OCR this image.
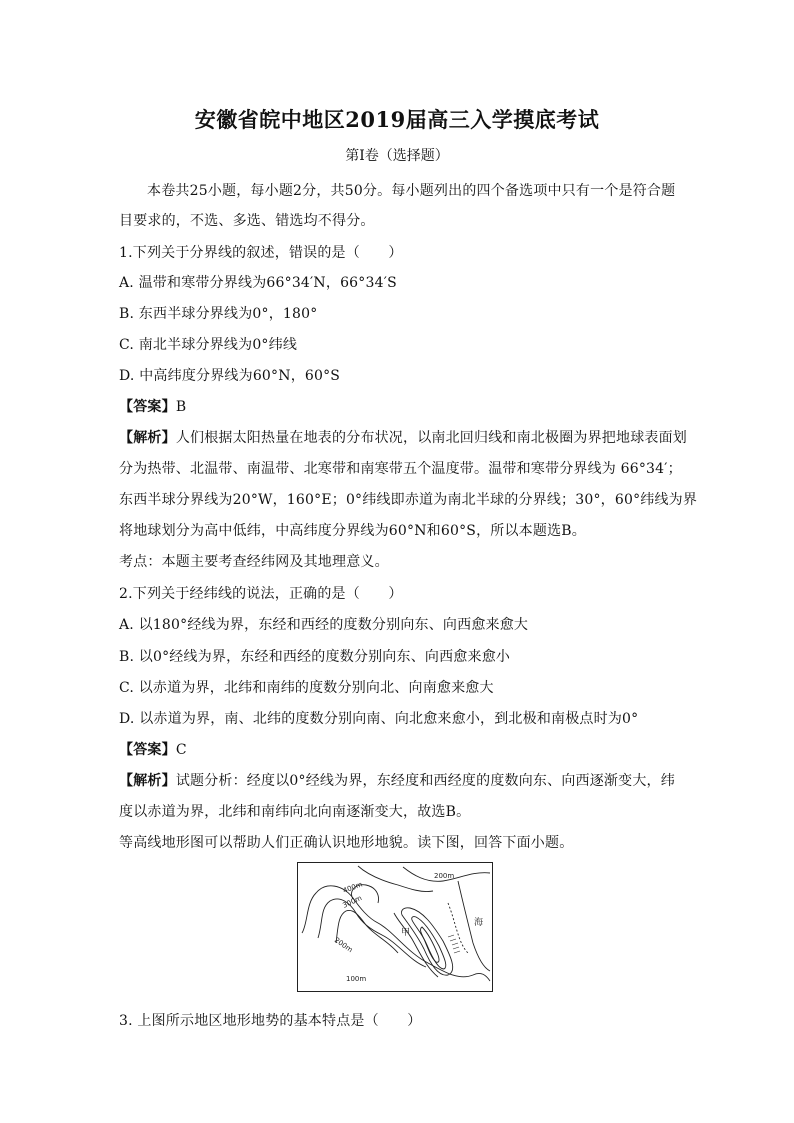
安徽省皖中地区2019届高三入学摸底考试
第Ⅰ卷（选择题）
本卷共25小题，每小题2分，共50分。每小题列出的四个备选项中只有一个是符合题
目要求的，不选、多选、错选均不得分。
1.下列关于分界线的叙述，错误的是（　　）
A. 温带和寒带分界线为66°34′N，66°34′S
B. 东西半球分界线为0°，180°
C. 南北半球分界线为0°纬线
D. 中高纬度分界线为60°N，60°S
【答案】B
【解析】人们根据太阳热量在地表的分布状况，以南北回归线和南北极圈为界把地球表面划
分为热带、北温带、南温带、北寒带和南寒带五个温度带。温带和寒带分界线为 66°34′；
东西半球分界线为20°W，160°E；0°纬线即赤道为南北半球的分界线；30°，60°纬线为界
将地球划分为高中低纬，中高纬度分界线为60°N和60°S，所以本题选B。
考点：本题主要考查经纬网及其地理意义。
2.下列关于经纬线的说法，正确的是（　　）
A. 以180°经线为界，东经和西经的度数分别向东、向西愈来愈大
B. 以0°经线为界，东经和西经的度数分别向东、向西愈来愈小
C. 以赤道为界，北纬和南纬的度数分别向北、向南愈来愈大
D. 以赤道为界，南、北纬的度数分别向南、向北愈来愈小，到北极和南极点时为0°
【答案】C
【解析】试题分析：经度以0°经线为界，东经度和西经度的度数向东、向西逐渐变大，纬
度以赤道为界，北纬和南纬向北向南逐渐变大，故选B。
等高线地形图可以帮助人们正确认识地形地貌。读下图，回答下面小题。
200m
400m
300m
200m
100m
甲
海
3. 上图所示地区地形地势的基本特点是（　　）
